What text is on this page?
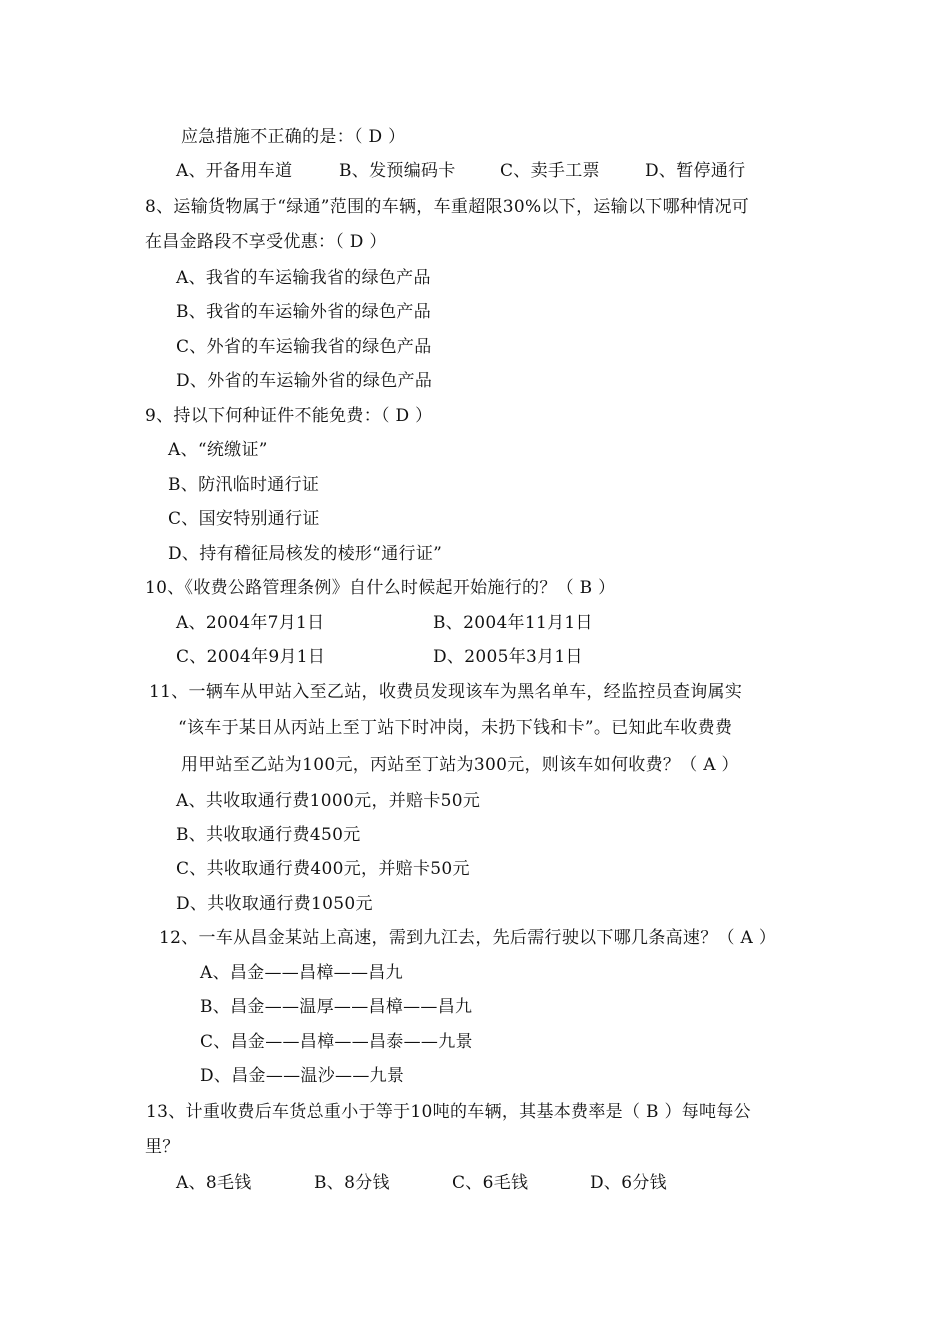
应急措施不正确的是：（ D ）
A、开备用车道	B、发预编码卡	C、卖手工票	D、暂停通行
8、运输货物属于“绿通”范围的车辆，车重超限30%以下，运输以下哪种情况可
在昌金路段不享受优惠：（ D ）
A、我省的车运输我省的绿色产品
B、我省的车运输外省的绿色产品
C、外省的车运输我省的绿色产品
D、外省的车运输外省的绿色产品
9、持以下何种证件不能免费：（ D ）
A、“统缴证”
B、防汛临时通行证
C、国安特别通行证
D、持有稽征局核发的棱形“通行证”
10、《收费公路管理条例》自什么时候起开始施行的？（ B ）
A、2004年7月1日	B、2004年11月1日
C、2004年9月1日	D、2005年3月1日
11、一辆车从甲站入至乙站，收费员发现该车为黑名单车，经监控员查询属实
“该车于某日从丙站上至丁站下时冲岗，未扔下钱和卡”。已知此车收费费
用甲站至乙站为100元，丙站至丁站为300元，则该车如何收费？（ A ）
A、共收取通行费1000元，并赔卡50元
B、共收取通行费450元
C、共收取通行费400元，并赔卡50元
D、共收取通行费1050元
12、一车从昌金某站上高速，需到九江去，先后需行驶以下哪几条高速？（ A ）
A、昌金——昌樟——昌九
B、昌金——温厚——昌樟——昌九
C、昌金——昌樟——昌泰——九景
D、昌金——温沙——九景
13、计重收费后车货总重小于等于10吨的车辆，其基本费率是（ B ）每吨每公
里？
A、8毛钱	B、8分钱	C、6毛钱	D、6分钱
